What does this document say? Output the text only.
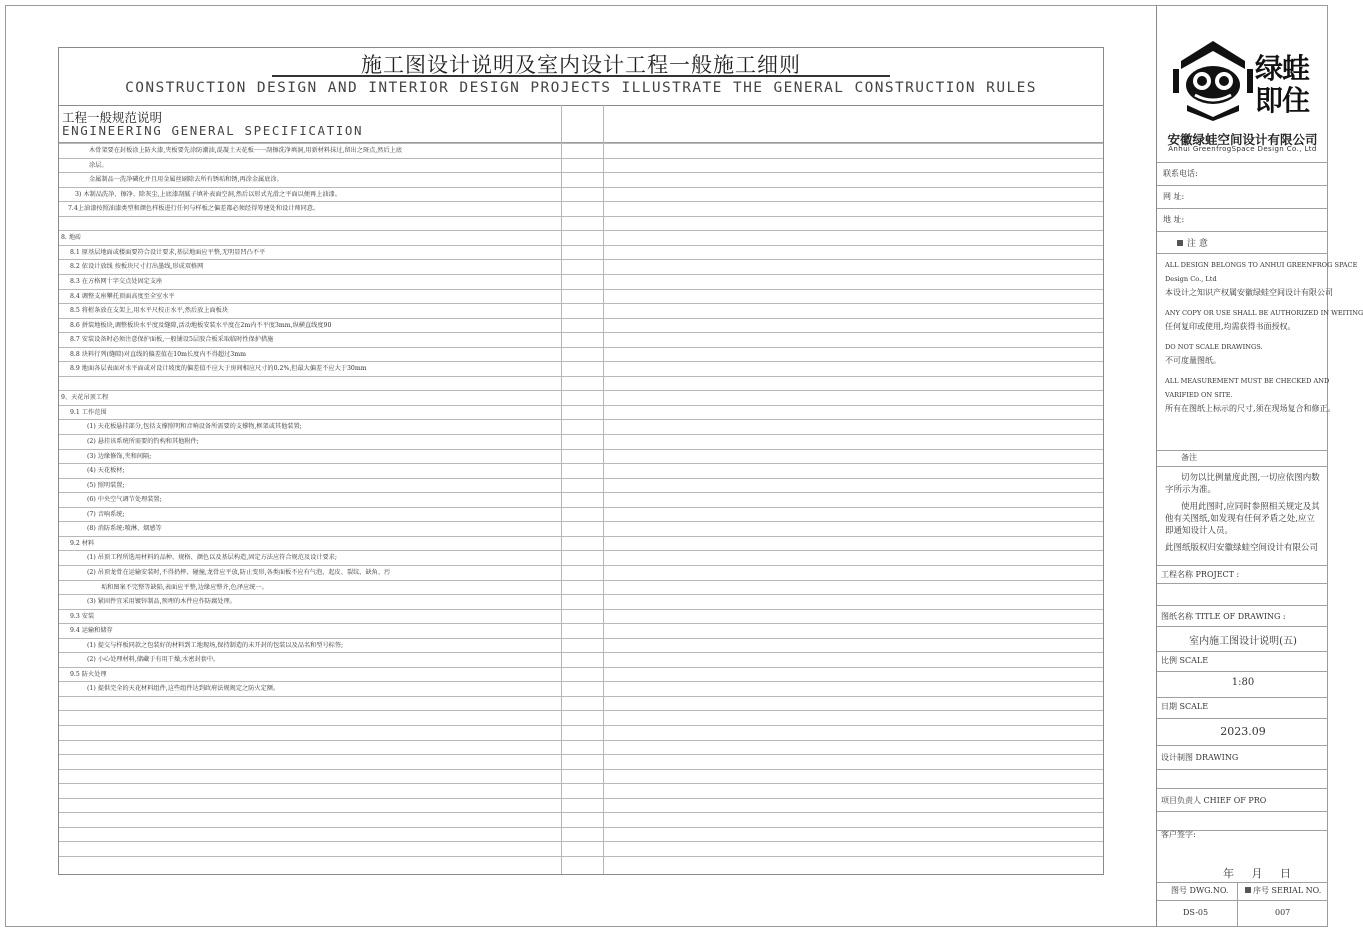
施工图设计说明及室内设计工程一般施工细则
CONSTRUCTION DESIGN AND INTERIOR DESIGN PROJECTS ILLUSTRATE THE GENERAL CONSTRUCTION RULES
工程一般规范说明
ENGINEERING GENERAL SPECIFICATION
木骨架要在封板涂上防火漆,夹板要先涂防潮油,混凝土天花板一一刮擦洗净填洞,用新材料抹过,留出之斑点,然后上底
涂层。
金属制品一洗净磷化并且用金属丝刷除去所有锈垢和锈,再涂金属底涂。
3) 木制品洗净、擦净、除灰尘,上底漆刮腻子填补表面空洞,然后以形式光滑之平面以便再上油漆。
7.4上油漆按照油漆类型和颜色样板进行任何与样板之偏差都必须经得筹建处和设计师同意。
8. 地砖
8.1 原基层地面或楼面要符合设计要求,基层地面应平整,无明显凹凸不平
8.2 依设计放线 按板块尺寸打出墨线,形成双格网
8.3 在方格网十字交点处固定支座
8.4 调整支座攀托顶面高度至全室水平
8.5 将桁条放在支架上,用水平尺校正水平,然后放上面板块
8.6 拼装地板块,调整板块水平度及缝隙,活动地板安装水平度在2m内不平度3mm,纵横直线度90
8.7 安装设备时必须注意保护面板,一般铺设5层胶合板采取临时性保护措施
8.8 块料行列(缝隙)对直线的偏差值在10m长度内不得超过3mm
8.9 地面各层表面对水平面或对设计坡度的偏差值不应大于房间相应尺寸的0.2%,但最大偏差不应大于30mm
9、天花吊顶工程
9.1 工作范围
(1) 天花板悬挂部分,包括支撑照明和音响设备所需要的支撑物,框架或其他装置;
(2) 悬挂该系统所需要的钓构和其他附件;
(3) 边缘修饰,夹和间隔;
(4) 天花板材;
(5) 照明装置;
(6) 中央空气调节处理装置;
(7) 音响系统;
(8) 消防系统:喷淋、烟感等
9.2 材料
(1) 吊顶工程所选用材料的品种、规格、颜色以及基层构造,固定方法应符合规范及设计要求;
(2) 吊顶龙骨在运输安装时,不得扔摔、碰撞,龙骨应平放,防止变形,各类面板不应有气泡、起皮、裂纹、缺角、污
垢和图案不完整等缺陷,表面应平整,边缘应整齐,色泽应统一。
(3) 紧固件宜采用镀锌制品,预埋的木件应作防腐处理。
9.3 安装
9.4 运输和储存
(1) 提交与样板同款之包装好的材料到工地现场,保持制造的未开封的包装以及品名和型号标签;
(2) 小心处理材料,储藏于有用干燥,水密封套中。
9.5 防火处理
(1) 提供完全的天花材料组件,这些组件达到政府法规规定之防火定额。
绿蛙
即住
安徽绿蛙空间设计有限公司
Anhui GreenfrogSpace Design Co., Ltd
联系电话:
网 址:
地 址:
注 意
ALL DESIGN BELONGS TO ANHUI GREENFROG SPACE
Design Co., Ltd
本设计之知识产权属安徽绿蛙空间设计有限公司
ANY COPY OR USE SHALL BE AUTHORIZED IN WEITING
任何复印或使用,均需获得书面授权。
DO NOT SCALE DRAWINGS.
不可度量图纸。
ALL MEASUREMENT MUST BE CHECKED AND
VARIFIED ON SITE.
所有在图纸上标示的尺寸,须在现场复合和修正。
备注
切勿以比例量度此图,一切应依图内数字所示为准。
使用此图时,应同时参照相关规定及其他有关图纸,如发现有任何矛盾之处,应立即通知设计人员。
此图纸版权归安徽绿蛙空间设计有限公司
工程名称 PROJECT :
图纸名称 TITLE OF DRAWING :
室内施工图设计说明(五)
比例 SCALE
1:80
日期 SCALE
2023.09
设计制图 DRAWING
项目负责人 CHIEF OF PRO
客户签字:
年     月     日
图号 DWG.NO.	序号 SERIAL NO.
DS-05	007
